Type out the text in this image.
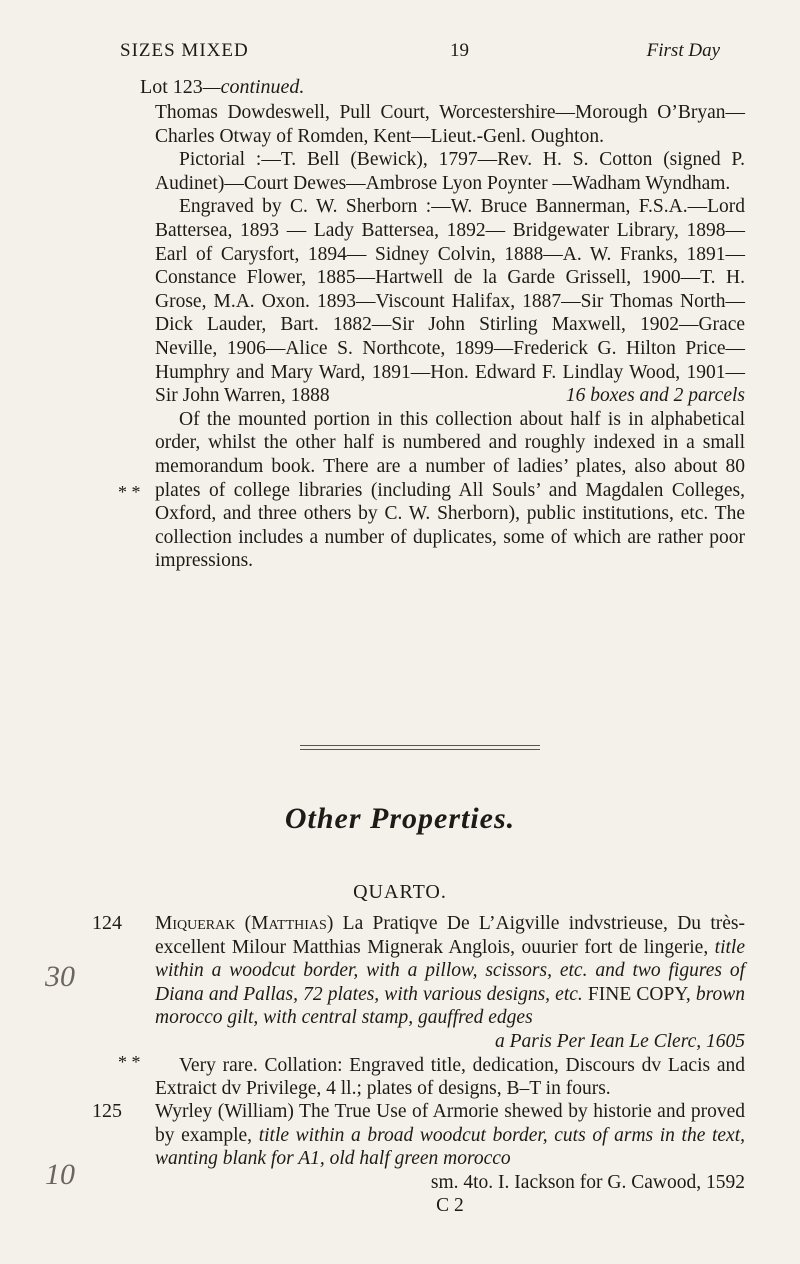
SIZES MIXED	19	First Day
Lot 123—continued.

Thomas Dowdeswell, Pull Court, Worcestershire—Morough O’Bryan—Charles Otway of Romden, Kent—Lieut.-Genl. Oughton.

Pictorial :—T. Bell (Bewick), 1797—Rev. H. S. Cotton (signed P. Audinet)—Court Dewes—Ambrose Lyon Poynter —Wadham Wyndham.

Engraved by C. W. Sherborn :—W. Bruce Bannerman, F.S.A.—Lord Battersea, 1893 — Lady Battersea, 1892— Bridgewater Library, 1898—Earl of Carysfort, 1894— Sidney Colvin, 1888—A. W. Franks, 1891—Constance Flower, 1885—Hartwell de la Garde Grissell, 1900—T. H. Grose, M.A. Oxon. 1893—Viscount Halifax, 1887—Sir Thomas North—Dick Lauder, Bart. 1882—Sir John Stirling Maxwell, 1902—Grace Neville, 1906—Alice S. Northcote, 1899—Frederick G. Hilton Price—Humphry and Mary Ward, 1891—Hon. Edward F. Lindlay Wood, 1901—Sir John Warren, 1888	16 boxes and 2 parcels

Of the mounted portion in this collection about half is in alphabetical order, whilst the other half is numbered and roughly indexed in a small memorandum book. There are a number of ladies’ plates, also about 80 plates of college libraries (including All Souls’ and Magdalen Colleges, Oxford, and three others by C. W. Sherborn), public institutions, etc. The collection includes a number of duplicates, some of which are rather poor impressions.

* *
Other Properties.
QUARTO.
124 Miquerak (Matthias) La Pratiqve De L’Aigville indvstrieuse, Du très-excellent Milour Matthias Mignerak Anglois, ouurier fort de lingerie, title within a woodcut border, with a pillow, scissors, etc. and two figures of Diana and Pallas, 72 plates, with various designs, etc. FINE COPY, brown morocco gilt, with central stamp, gauffred edges

a Paris Per Iean Le Clerc, 1605

Very rare. Collation: Engraved title, dedication, Discours dv Lacis and Extraict dv Privilege, 4 ll.; plates of designs, B–T in fours.

* *
125 Wyrley (William) The True Use of Armorie shewed by historie and proved by example, title within a broad woodcut border, cuts of arms in the text, wanting blank for A1, old half green morocco

sm. 4to. I. Iackson for G. Cawood, 1592

C 2

30
10
